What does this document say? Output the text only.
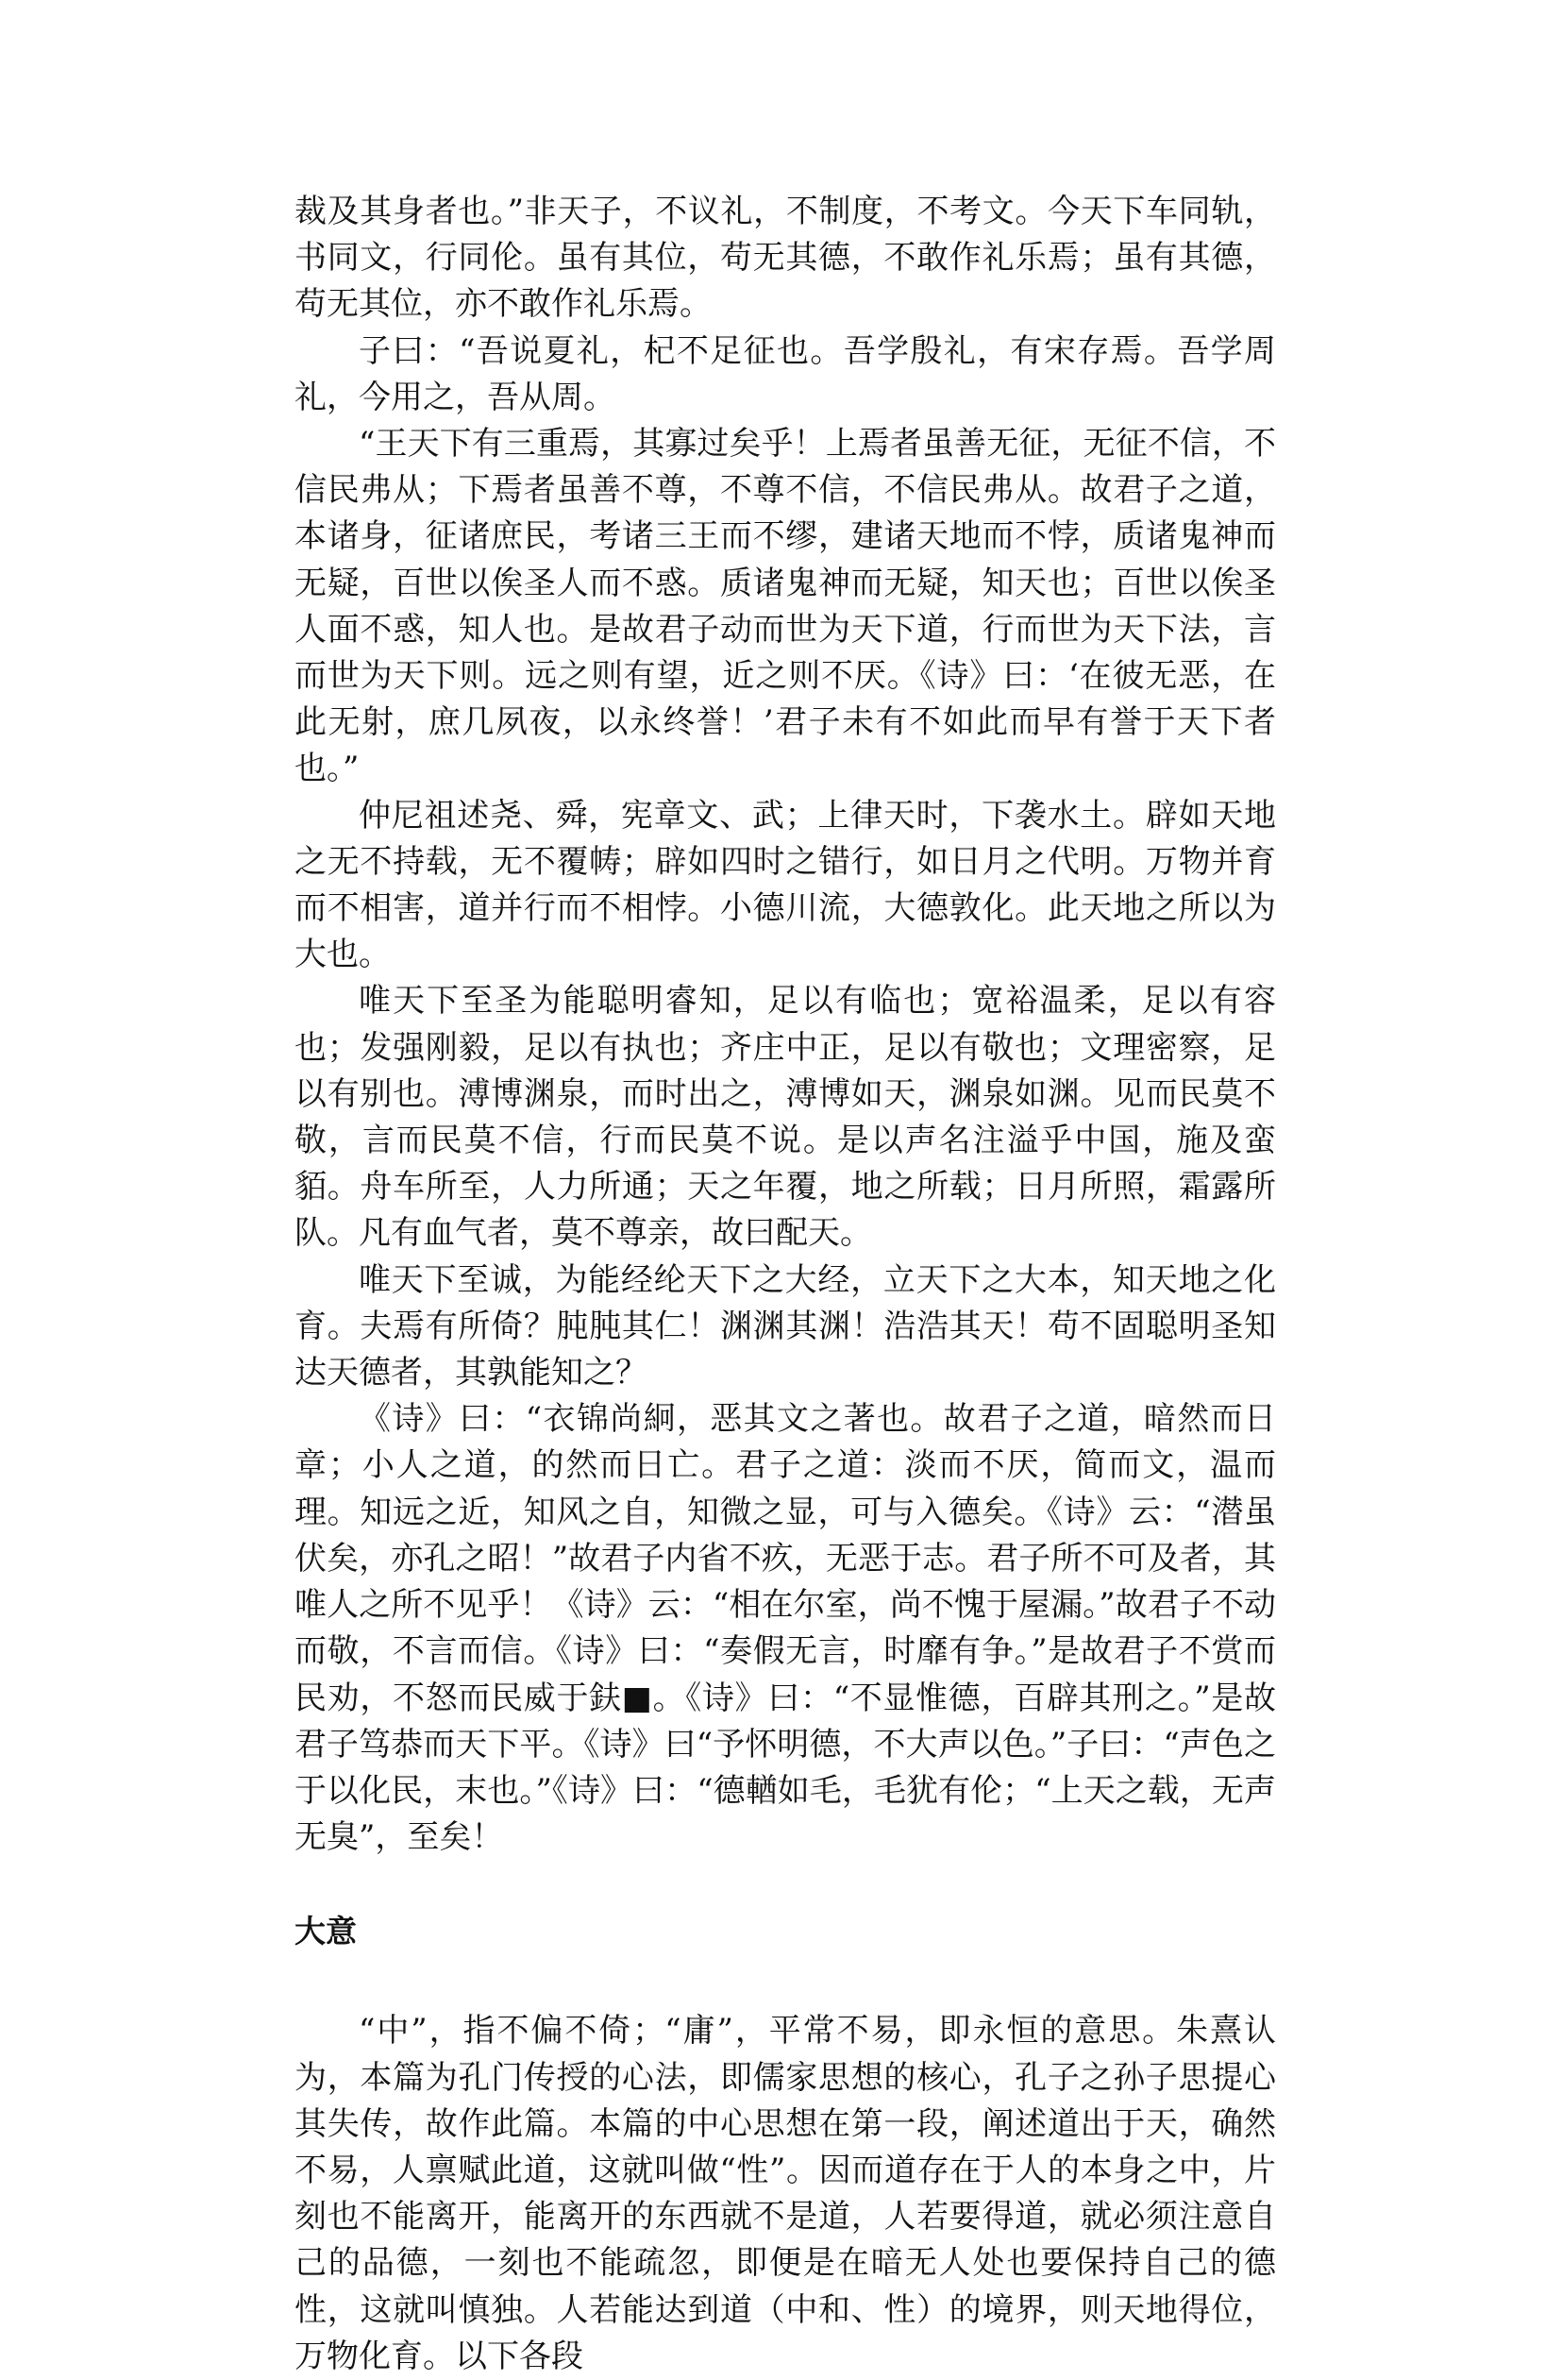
裁及其身者也。”非天子，不议礼，不制度，不考文。今天下车同轨，书同文，行同伦。虽有其位，苟无其德，不敢作礼乐焉；虽有其德，苟无其位，亦不敢作礼乐焉。

子曰：“吾说夏礼，杞不足征也。吾学殷礼，有宋存焉。吾学周礼，今用之，吾从周。

“王天下有三重焉，其寡过矣乎！上焉者虽善无征，无征不信，不信民弗从；下焉者虽善不尊，不尊不信，不信民弗从。故君子之道，本诸身，征诸庶民，考诸三王而不缪，建诸天地而不悖，质诸鬼神而无疑，百世以俟圣人而不惑。质诸鬼神而无疑，知天也；百世以俟圣人面不惑，知人也。是故君子动而世为天下道，行而世为天下法，言而世为天下则。远之则有望，近之则不厌。《诗》曰：‘在彼无恶，在此无射，庶几夙夜，以永终誉！’君子未有不如此而早有誉于天下者也。”

仲尼祖述尧、舜，宪章文、武；上律天时，下袭水土。辟如天地之无不持载，无不覆帱；辟如四时之错行，如日月之代明。万物并育而不相害，道并行而不相悖。小德川流，大德敦化。此天地之所以为大也。

唯天下至圣为能聪明睿知，足以有临也；宽裕温柔，足以有容也；发强刚毅，足以有执也；齐庄中正，足以有敬也；文理密察，足以有别也。溥博渊泉，而时出之，溥博如天，渊泉如渊。见而民莫不敬，言而民莫不信，行而民莫不说。是以声名注溢乎中国，施及蛮貊。舟车所至，人力所通；天之年覆，地之所载；日月所照，霜露所队。凡有血气者，莫不尊亲，故曰配天。

唯天下至诚，为能经纶天下之大经，立天下之大本，知天地之化育。夫焉有所倚？肫肫其仁！渊渊其渊！浩浩其天！苟不固聪明圣知达天德者，其孰能知之？

《诗》曰：“衣锦尚絅，恶其文之著也。故君子之道，暗然而日章；小人之道，的然而日亡。君子之道：淡而不厌，简而文，温而理。知远之近，知风之自，知微之显，可与入德矣。《诗》云：“潜虽伏矣，亦孔之昭！”故君子内省不疚，无恶于志。君子所不可及者，其唯人之所不见乎！《诗》云：“相在尔室，尚不愧于屋漏。”故君子不动而敬，不言而信。《诗》曰：“奏假无言，时靡有争。”是故君子不赏而民劝，不怒而民威于鈇■。《诗》曰：“不显惟德，百辟其刑之。”是故君子笃恭而天下平。《诗》曰“予怀明德，不大声以色。”子曰：“声色之于以化民，末也。”《诗》曰：“德輶如毛，毛犹有伦；“上天之载，无声无臭”，至矣！

大意

“中”，指不偏不倚；“庸”，平常不易，即永恒的意思。朱熹认为，本篇为孔门传授的心法，即儒家思想的核心，孔子之孙子思提心其失传，故作此篇。本篇的中心思想在第一段，阐述道出于天，确然不易，人禀赋此道，这就叫做“性”。因而道存在于人的本身之中，片刻也不能离开，能离开的东西就不是道，人若要得道，就必须注意自己的品德，一刻也不能疏忽，即便是在暗无人处也要保持自己的德性，这就叫慎独。人若能达到道（中和、性）的境界，则天地得位，万物化育。以下各段
